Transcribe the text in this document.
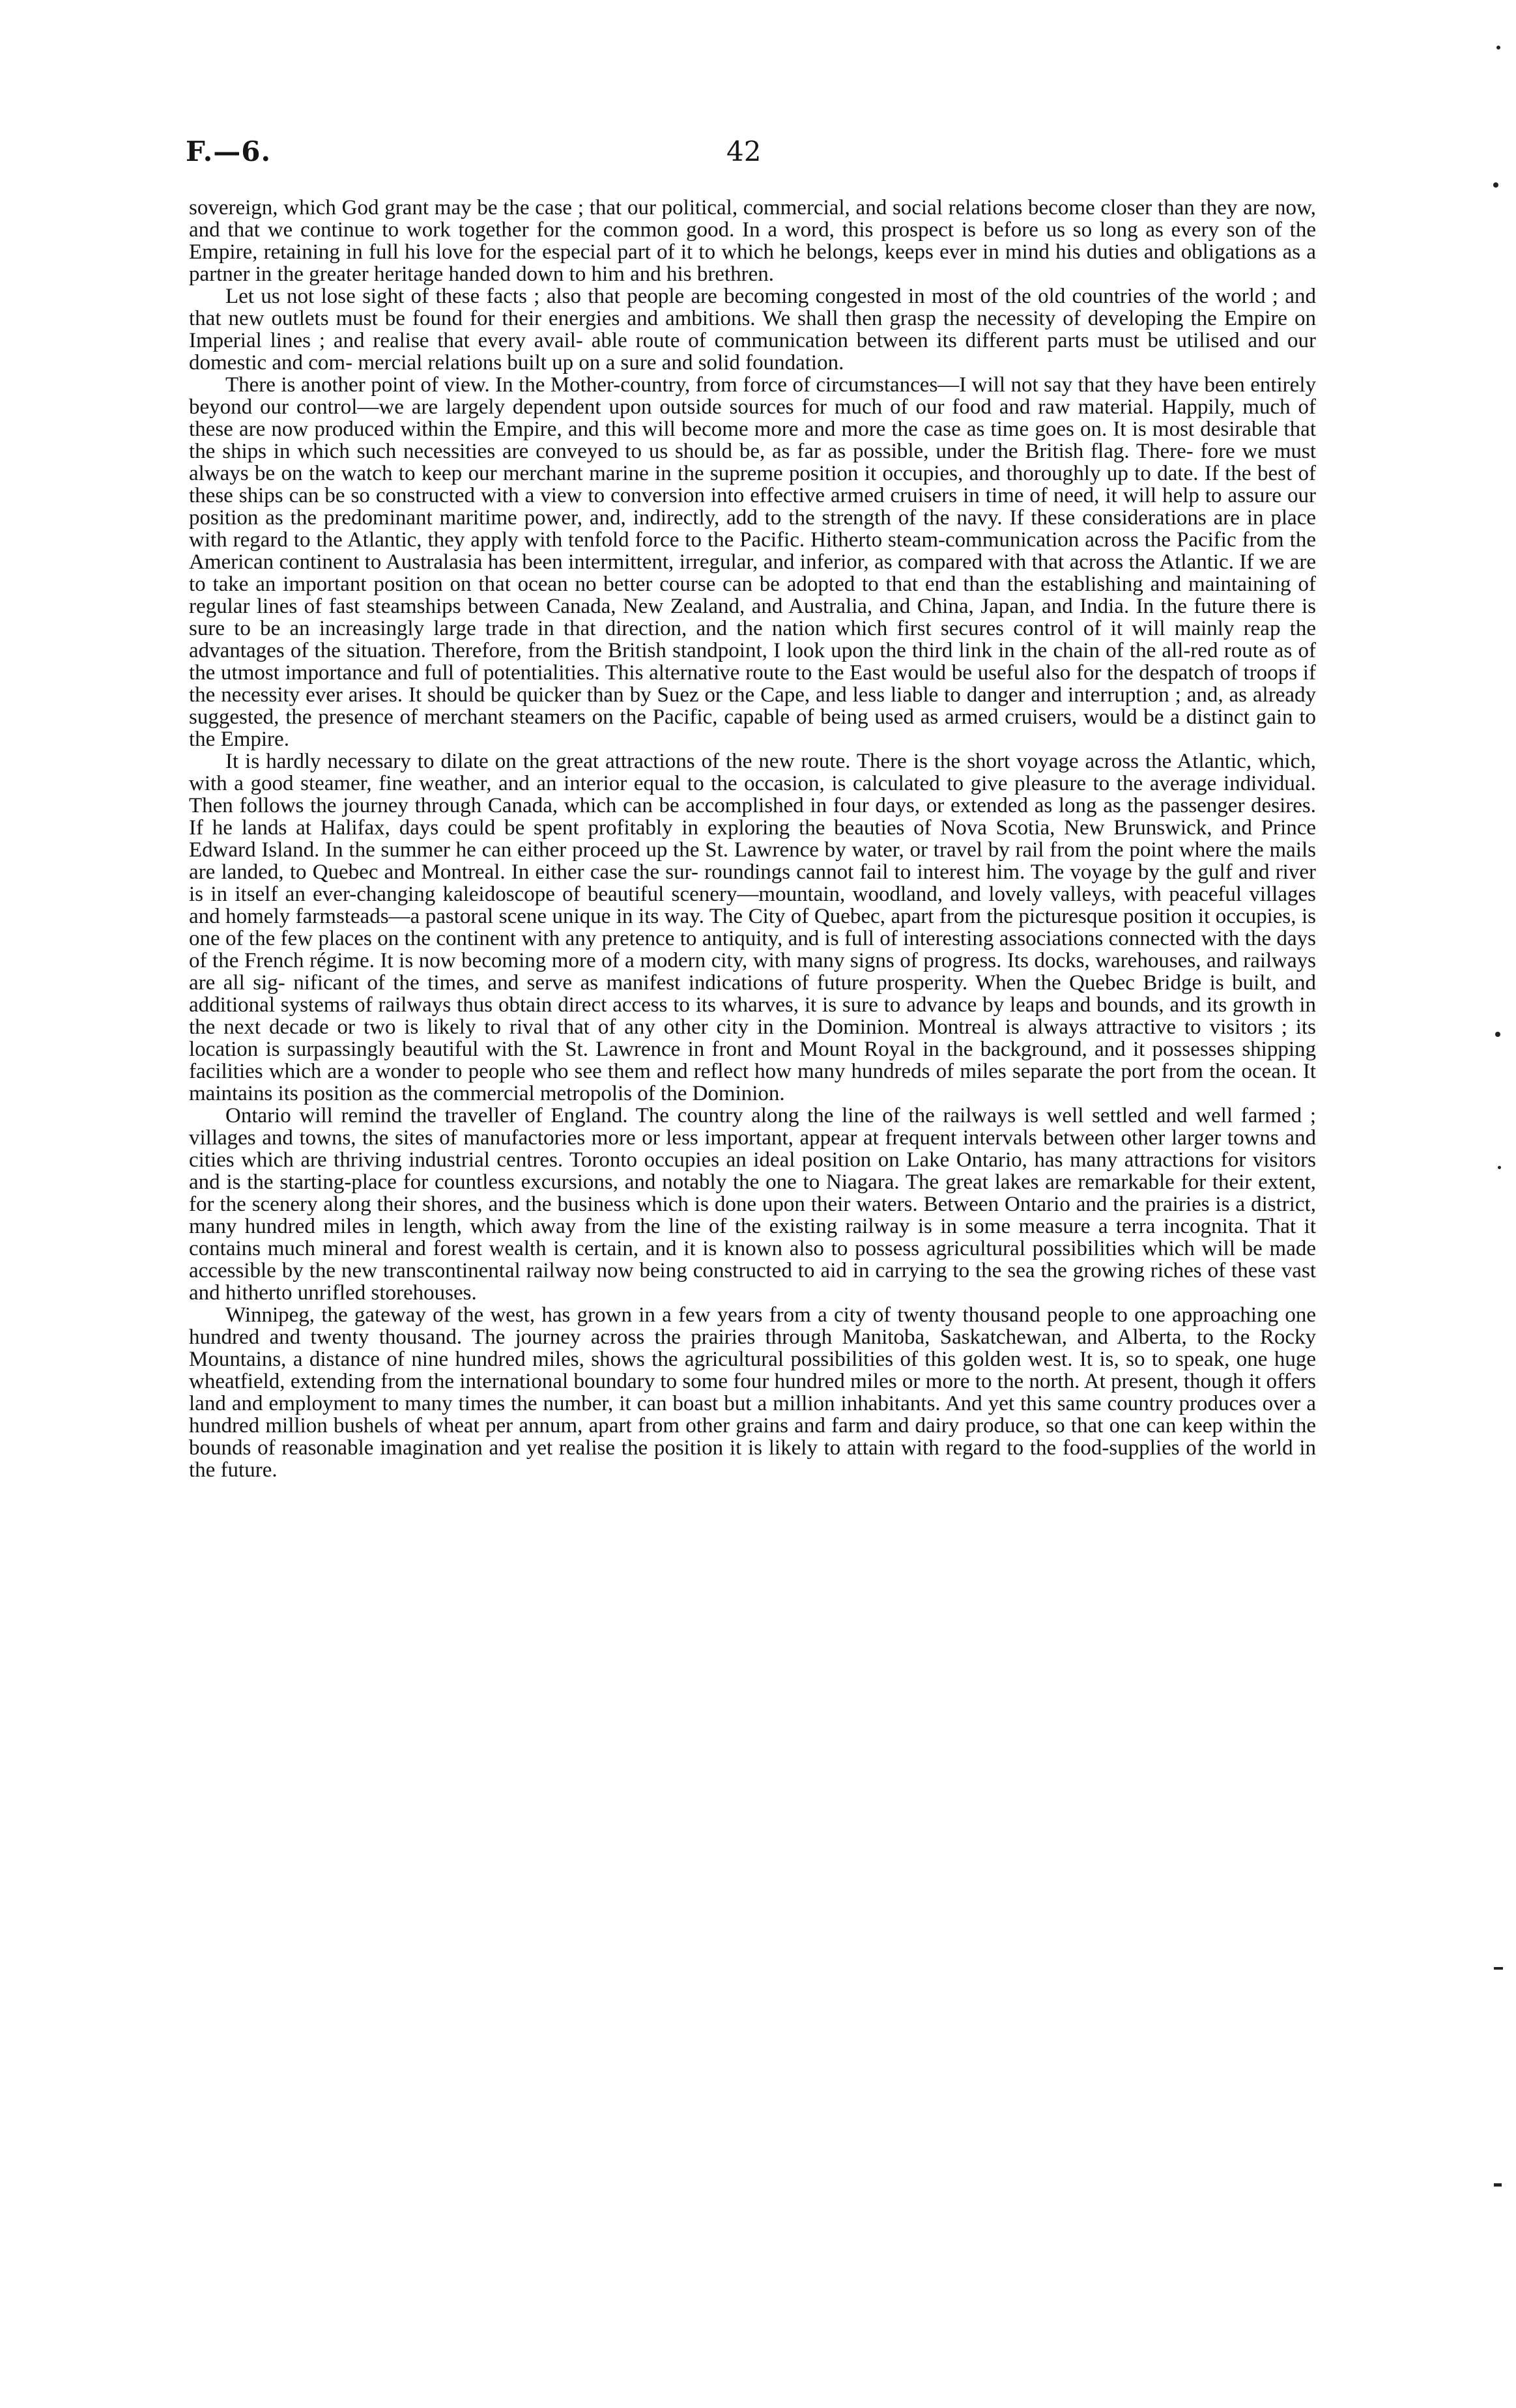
F.—6.	42

sovereign, which God grant may be the case ; that our political, commercial, and social relations become closer than they are now, and that we continue to work together for the common good. In a word, this prospect is before us so long as every son of the Empire, retaining in full his love for the especial part of it to which he belongs, keeps ever in mind his duties and obligations as a partner in the greater heritage handed down to him and his brethren.

Let us not lose sight of these facts ; also that people are becoming congested in most of the old countries of the world ; and that new outlets must be found for their energies and ambitions. We shall then grasp the necessity of developing the Empire on Imperial lines ; and realise that every avail- able route of communication between its different parts must be utilised and our domestic and com- mercial relations built up on a sure and solid foundation.

There is another point of view. In the Mother-country, from force of circumstances—I will not say that they have been entirely beyond our control—we are largely dependent upon outside sources for much of our food and raw material. Happily, much of these are now produced within the Empire, and this will become more and more the case as time goes on. It is most desirable that the ships in which such necessities are conveyed to us should be, as far as possible, under the British flag. There- fore we must always be on the watch to keep our merchant marine in the supreme position it occupies, and thoroughly up to date. If the best of these ships can be so constructed with a view to conversion into effective armed cruisers in time of need, it will help to assure our position as the predominant maritime power, and, indirectly, add to the strength of the navy. If these considerations are in place with regard to the Atlantic, they apply with tenfold force to the Pacific. Hitherto steam-communication across the Pacific from the American continent to Australasia has been intermittent, irregular, and inferior, as compared with that across the Atlantic. If we are to take an important position on that ocean no better course can be adopted to that end than the establishing and maintaining of regular lines of fast steamships between Canada, New Zealand, and Australia, and China, Japan, and India. In the future there is sure to be an increasingly large trade in that direction, and the nation which first secures control of it will mainly reap the advantages of the situation. Therefore, from the British standpoint, I look upon the third link in the chain of the all-red route as of the utmost importance and full of potentialities. This alternative route to the East would be useful also for the despatch of troops if the necessity ever arises. It should be quicker than by Suez or the Cape, and less liable to danger and interruption ; and, as already suggested, the presence of merchant steamers on the Pacific, capable of being used as armed cruisers, would be a distinct gain to the Empire.

It is hardly necessary to dilate on the great attractions of the new route. There is the short voyage across the Atlantic, which, with a good steamer, fine weather, and an interior equal to the occasion, is calculated to give pleasure to the average individual. Then follows the journey through Canada, which can be accomplished in four days, or extended as long as the passenger desires. If he lands at Halifax, days could be spent profitably in exploring the beauties of Nova Scotia, New Brunswick, and Prince Edward Island. In the summer he can either proceed up the St. Lawrence by water, or travel by rail from the point where the mails are landed, to Quebec and Montreal. In either case the sur- roundings cannot fail to interest him. The voyage by the gulf and river is in itself an ever-changing kaleidoscope of beautiful scenery—mountain, woodland, and lovely valleys, with peaceful villages and homely farmsteads—a pastoral scene unique in its way. The City of Quebec, apart from the picturesque position it occupies, is one of the few places on the continent with any pretence to antiquity, and is full of interesting associations connected with the days of the French régime. It is now becoming more of a modern city, with many signs of progress. Its docks, warehouses, and railways are all sig- nificant of the times, and serve as manifest indications of future prosperity. When the Quebec Bridge is built, and additional systems of railways thus obtain direct access to its wharves, it is sure to advance by leaps and bounds, and its growth in the next decade or two is likely to rival that of any other city in the Dominion. Montreal is always attractive to visitors ; its location is surpassingly beautiful with the St. Lawrence in front and Mount Royal in the background, and it possesses shipping facilities which are a wonder to people who see them and reflect how many hundreds of miles separate the port from the ocean. It maintains its position as the commercial metropolis of the Dominion.

Ontario will remind the traveller of England. The country along the line of the railways is well settled and well farmed ; villages and towns, the sites of manufactories more or less important, appear at frequent intervals between other larger towns and cities which are thriving industrial centres. Toronto occupies an ideal position on Lake Ontario, has many attractions for visitors and is the starting-place for countless excursions, and notably the one to Niagara. The great lakes are remarkable for their extent, for the scenery along their shores, and the business which is done upon their waters. Between Ontario and the prairies is a district, many hundred miles in length, which away from the line of the existing railway is in some measure a terra incognita. That it contains much mineral and forest wealth is certain, and it is known also to possess agricultural possibilities which will be made accessible by the new transcontinental railway now being constructed to aid in carrying to the sea the growing riches of these vast and hitherto unrifled storehouses.

Winnipeg, the gateway of the west, has grown in a few years from a city of twenty thousand people to one approaching one hundred and twenty thousand. The journey across the prairies through Manitoba, Saskatchewan, and Alberta, to the Rocky Mountains, a distance of nine hundred miles, shows the agricultural possibilities of this golden west. It is, so to speak, one huge wheatfield, extending from the international boundary to some four hundred miles or more to the north. At present, though it offers land and employment to many times the number, it can boast but a million inhabitants. And yet this same country produces over a hundred million bushels of wheat per annum, apart from other grains and farm and dairy produce, so that one can keep within the bounds of reasonable imagination and yet realise the position it is likely to attain with regard to the food-supplies of the world in the future.
